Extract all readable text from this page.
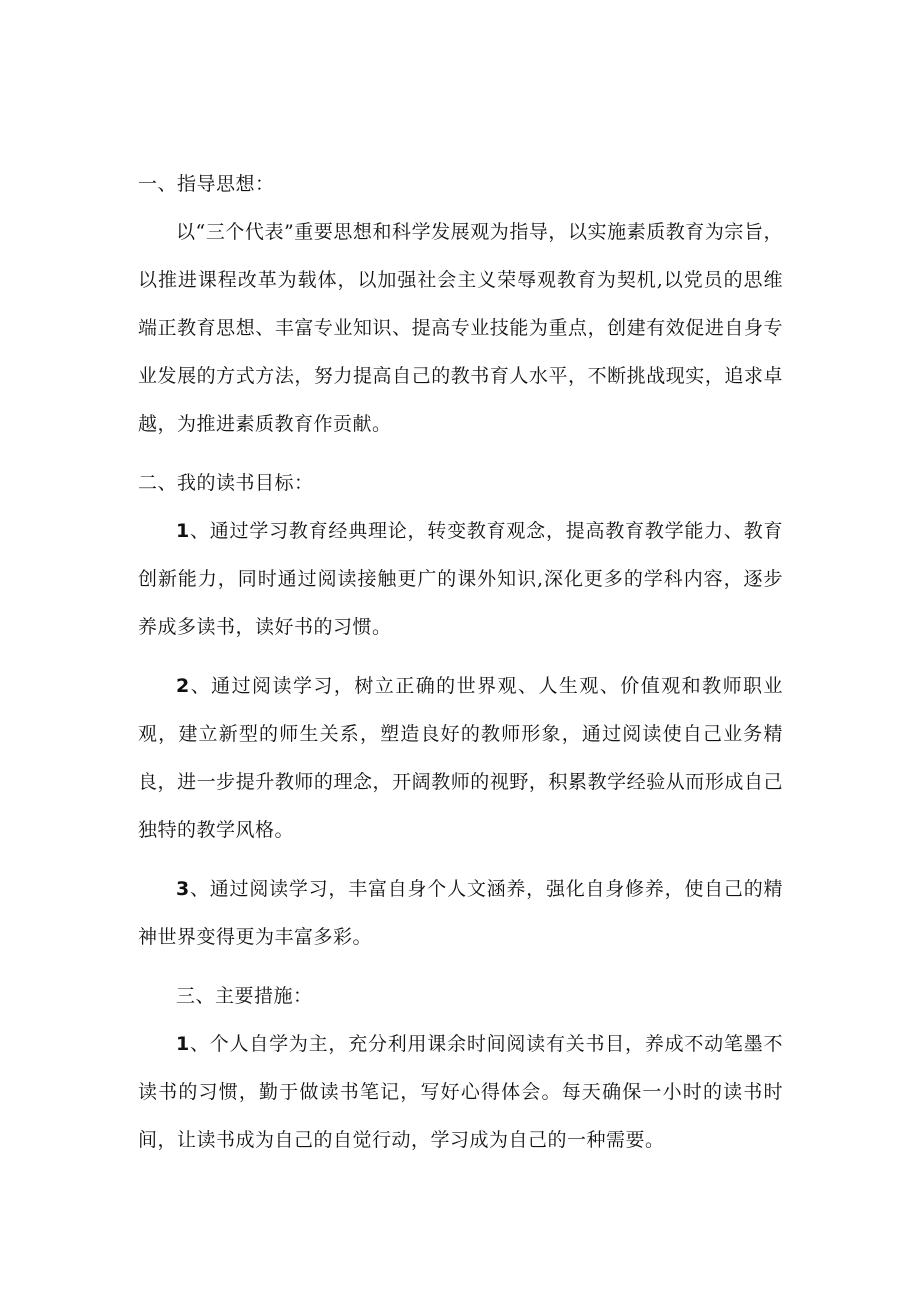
一、指导思想：

以“三个代表”重要思想和科学发展观为指导，以实施素质教育为宗旨，以推进课程改革为载体，以加强社会主义荣辱观教育为契机,以党员的思维端正教育思想、丰富专业知识、提高专业技能为重点，创建有效促进自身专业发展的方式方法，努力提高自己的教书育人水平，不断挑战现实，追求卓越，为推进素质教育作贡献。

二、我的读书目标：

1、通过学习教育经典理论，转变教育观念，提高教育教学能力、教育创新能力，同时通过阅读接触更广的课外知识,深化更多的学科内容，逐步养成多读书，读好书的习惯。

2、通过阅读学习，树立正确的世界观、人生观、价值观和教师职业观，建立新型的师生关系，塑造良好的教师形象，通过阅读使自己业务精良，进一步提升教师的理念，开阔教师的视野，积累教学经验从而形成自己独特的教学风格。

3、通过阅读学习，丰富自身个人文涵养，强化自身修养，使自己的精神世界变得更为丰富多彩。

三、主要措施：

1、个人自学为主，充分利用课余时间阅读有关书目，养成不动笔墨不读书的习惯，勤于做读书笔记，写好心得体会。每天确保一小时的读书时间，让读书成为自己的自觉行动，学习成为自己的一种需要。
